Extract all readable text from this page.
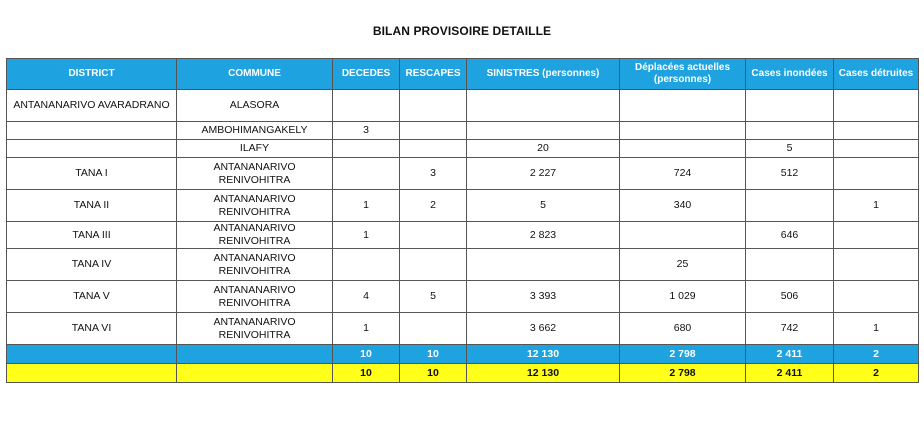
BILAN PROVISOIRE DETAILLE
DISTRICT	COMMUNE	DECEDES	RESCAPES	SINISTRES (personnes)	Déplacées actuelles (personnes)	Cases inondées	Cases détruites
ANTANANARIVO AVARADRANO	ALASORA						
	AMBOHIMANGAKELY	3					
	ILAFY			20		5	
TANA I	ANTANANARIVO RENIVOHITRA		3	2 227	724	512	
TANA II	ANTANANARIVO RENIVOHITRA	1	2	5	340		1
TANA III	ANTANANARIVO RENIVOHITRA	1		2 823		646	
TANA IV	ANTANANARIVO RENIVOHITRA				25		
TANA V	ANTANANARIVO RENIVOHITRA	4	5	3 393	1 029	506	
TANA VI	ANTANANARIVO RENIVOHITRA	1		3 662	680	742	1
		10	10	12 130	2 798	2 411	2
		10	10	12 130	2 798	2 411	2
